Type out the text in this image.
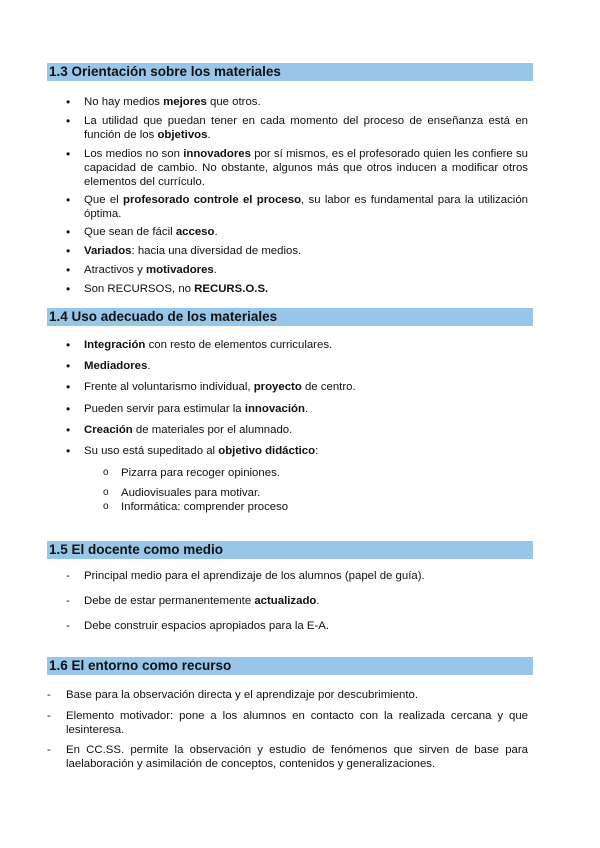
1.3 Orientación sobre los materiales
• No hay medios mejores que otros.
• La utilidad que puedan tener en cada momento del proceso de enseñanza está en función de los objetivos.
• Los medios no son innovadores por sí mismos, es el profesorado quien les confiere su capacidad de cambio. No obstante, algunos más que otros inducen a modificar otros elementos del currículo.
• Que el profesorado controle el proceso, su labor es fundamental para la utilización óptima.
• Que sean de fácil acceso.
• Variados: hacia una diversidad de medios.
• Atractivos y motivadores.
• Son RECURSOS, no RECURS.O.S.
1.4 Uso adecuado de los materiales
• Integración con resto de elementos curriculares.
• Mediadores.
• Frente al voluntarismo individual, proyecto de centro.
• Pueden servir para estimular la innovación.
• Creación de materiales por el alumnado.
• Su uso está supeditado al objetivo didáctico:
o Pizarra para recoger opiniones.
o Audiovisuales para motivar.
o Informática: comprender proceso
1.5 El docente como medio
- Principal medio para el aprendizaje de los alumnos (papel de guía).
- Debe de estar permanentemente actualizado.
- Debe construir espacios apropiados para la E-A.
1.6 El entorno como recurso
- Base para la observación directa y el aprendizaje por descubrimiento.
- Elemento motivador: pone a los alumnos en contacto con la realizada cercana y que lesinteresa.
- En CC.SS. permite la observación y estudio de fenómenos que sirven de base para laelaboración y asimilación de conceptos, contenidos y generalizaciones.
